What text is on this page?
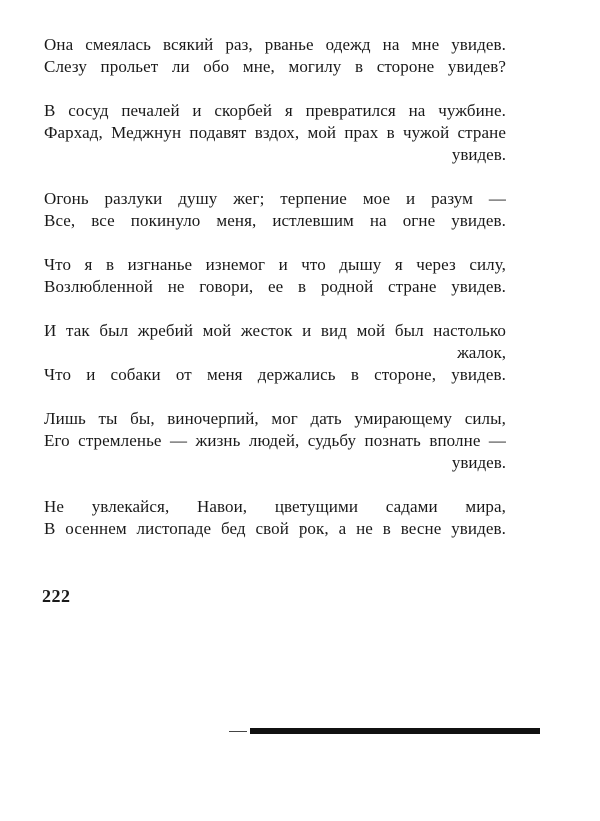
Она смеялась всякий раз, рванье одежд на мне увидев.
Слезу прольет ли обо мне, могилу в стороне увидев?
В сосуд печалей и скорбей я превратился на чужбине.
Фархад, Меджнун подавят вздох, мой прах в чужой стране
увидев.
Огонь разлуки душу жег; терпение мое и разум —
Все, все покинуло меня, истлевшим на огне увидев.
Что я в изгнанье изнемог и что дышу я через силу,
Возлюбленной не говори, ее в родной стране увидев.
И так был жребий мой жесток и вид мой был настолько
жалок,
Что и собаки от меня держались в стороне, увидев.
Лишь ты бы, виночерпий, мог дать умирающему силы,
Его стремленье — жизнь людей, судьбу познать вполне —
увидев.
Не увлекайся, Навои, цветущими садами мира,
В осеннем листопаде бед свой рок, а не в весне увидев.
222
